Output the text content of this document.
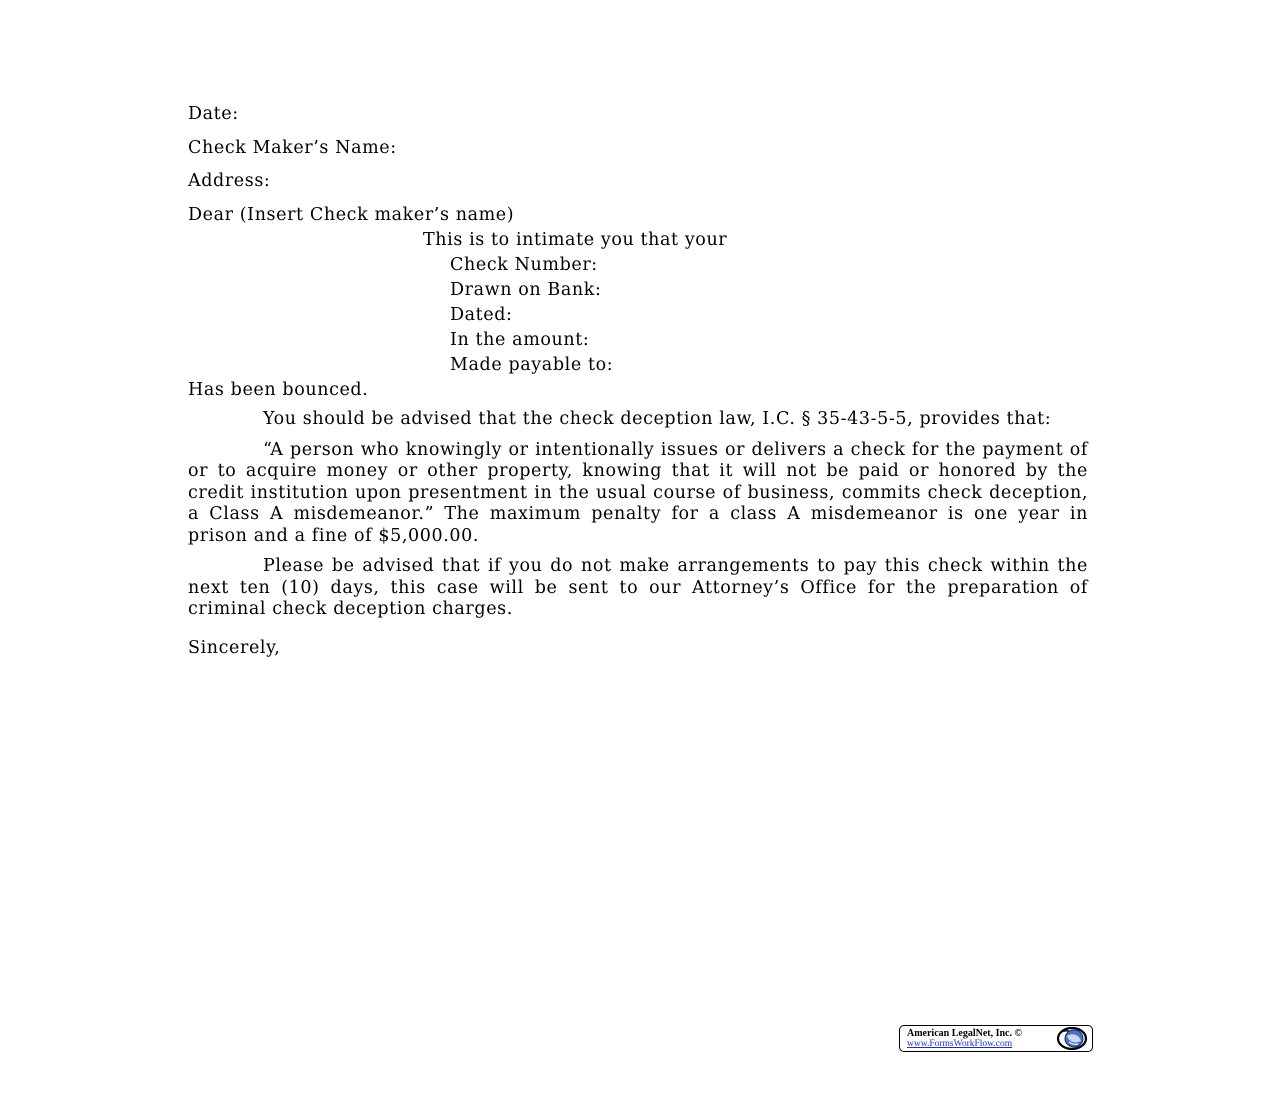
Date:
Check Maker’s Name:
Address:
Dear (Insert Check maker’s name)
This is to intimate you that your
Check Number:
Drawn on Bank:
Dated:
In the amount:
Made payable to:
Has been bounced.

You should be advised that the check deception law, I.C. § 35-43-5-5, provides that:

“A person who knowingly or intentionally issues or delivers a check for the payment of or to acquire money or other property, knowing that it will not be paid or honored by the credit institution upon presentment in the usual course of business, commits check deception, a Class A misdemeanor.” The maximum penalty for a class A misdemeanor is one year in prison and a fine of $5,000.00.

Please be advised that if you do not make arrangements to pay this check within the next ten (10) days, this case will be sent to our Attorney’s Office for the preparation of criminal check deception charges.

Sincerely,
American LegalNet, Inc. ©
www.FormsWorkFlow.com
